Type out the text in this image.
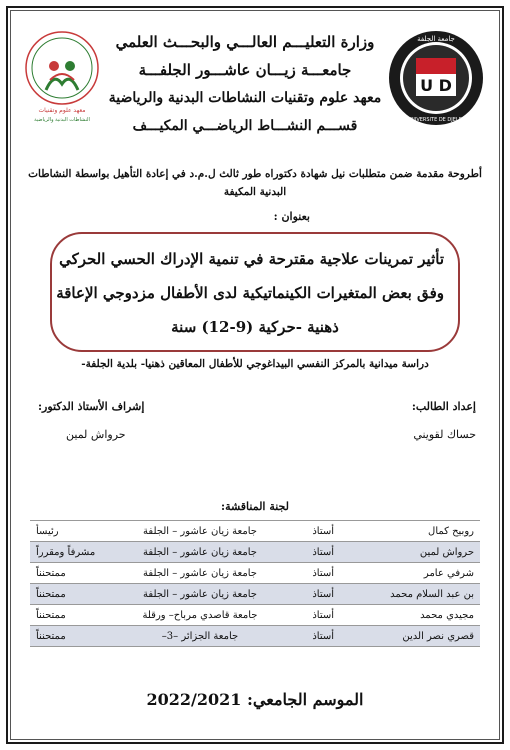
U D
جامعة الجلفة
UNIVERSITE DE DJELFA
وزارة التعليـــم العالـــي والبحـــث العلمي
جامعـــة زيـــان عاشـــور الجلفـــة
معهد علوم وتقنيات النشاطات البدنية والرياضية
قســـم النشـــاط الرياضـــي المكيـــف
معهد علوم وتقنيات
النشاطات البدنية والرياضية
أطروحة مقدمة ضمن متطلبات نيل شهادة دكتوراه طور ثالث ل.م.د في إعادة التأهيل بواسطة النشاطات البدنية المكيفة
بعنوان :

تأثير تمرينات علاجية مقترحة في تنمية الإدراك الحسي الحركي

وفق بعض المتغيرات الكينماتيكية لدى الأطفال مزدوجي الإعاقة

ذهنية -حركية (9-12) سنة

دراسة ميدانية بالمركز النفسي البيداغوجي للأطفال المعاقين ذهنيا- بلدية الجلفة-
إعداد الطالب:
حساك لقويني
إشراف الأستاذ الدكتور:
حرواش لمين
لجنة المناقشة:
روبيح كمال	أستاذ	جامعة زيان عاشور – الجلفة	رئيسأ
حرواش لمين	أستاذ	جامعة زيان عاشور – الجلفة	مشرفاً ومقرراً
شرفي عامر	أستاذ	جامعة زيان عاشور – الجلفة	ممتحنناً
بن عبد السلام محمد	أستاذ	جامعة زيان عاشور – الجلفة	ممتحنناً
مجيدي محمد	أستاذ	جامعة قاصدي مرباح– ورقلة	ممتحنناً
قصري نصر الدين	أستاذ	جامعة الجزائر –3–	ممتحنناً
الموسم الجامعي: 2022/2021
